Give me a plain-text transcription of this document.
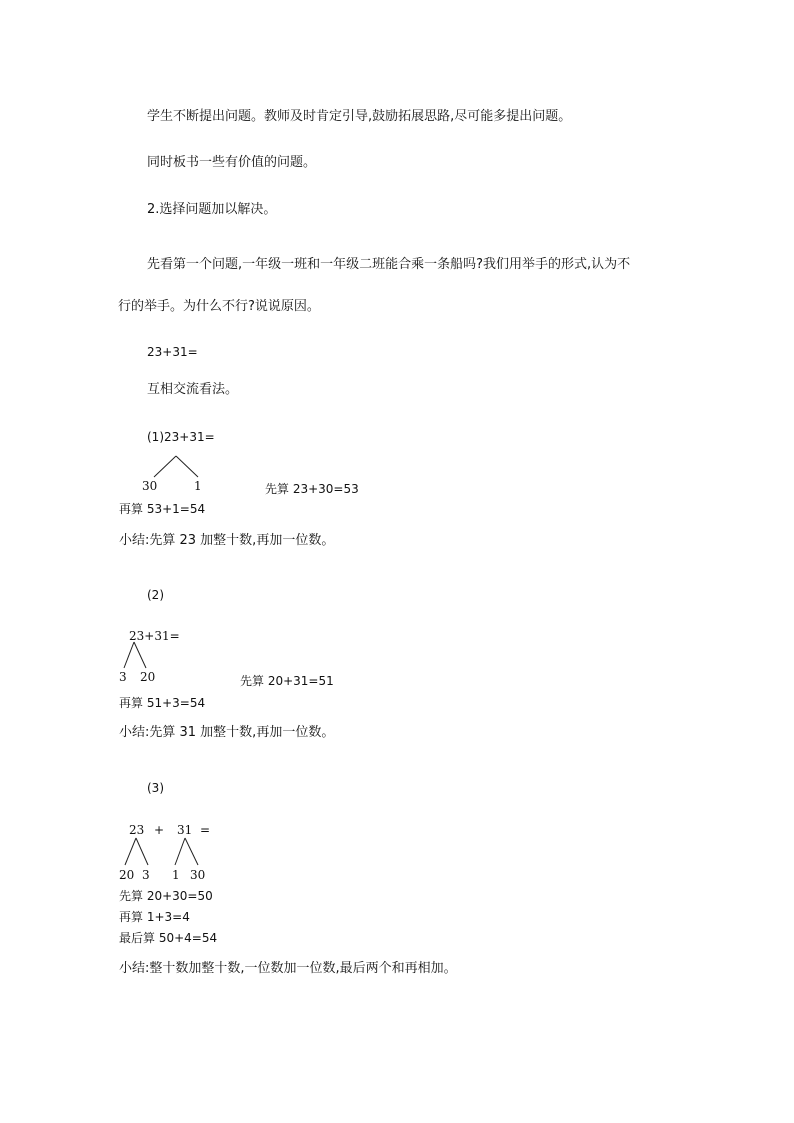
学生不断提出问题。教师及时肯定引导,鼓励拓展思路,尽可能多提出问题。
同时板书一些有价值的问题。
2.选择问题加以解决。
先看第一个问题,一年级一班和一年级二班能合乘一条船吗?我们用举手的形式,认为不
行的举手。为什么不行?说说原因。
23+31=
互相交流看法。
(1)23+31=
30	1	先算 23+30=53
再算 53+1=54
小结:先算 23 加整十数,再加一位数。
(2)
23+31=
3 20	先算 20+31=51
再算 51+3=54
小结:先算 31 加整十数,再加一位数。
(3)
23 + 31 =
20 3 1 30
先算 20+30=50
再算 1+3=4
最后算 50+4=54
小结:整十数加整十数,一位数加一位数,最后两个和再相加。
